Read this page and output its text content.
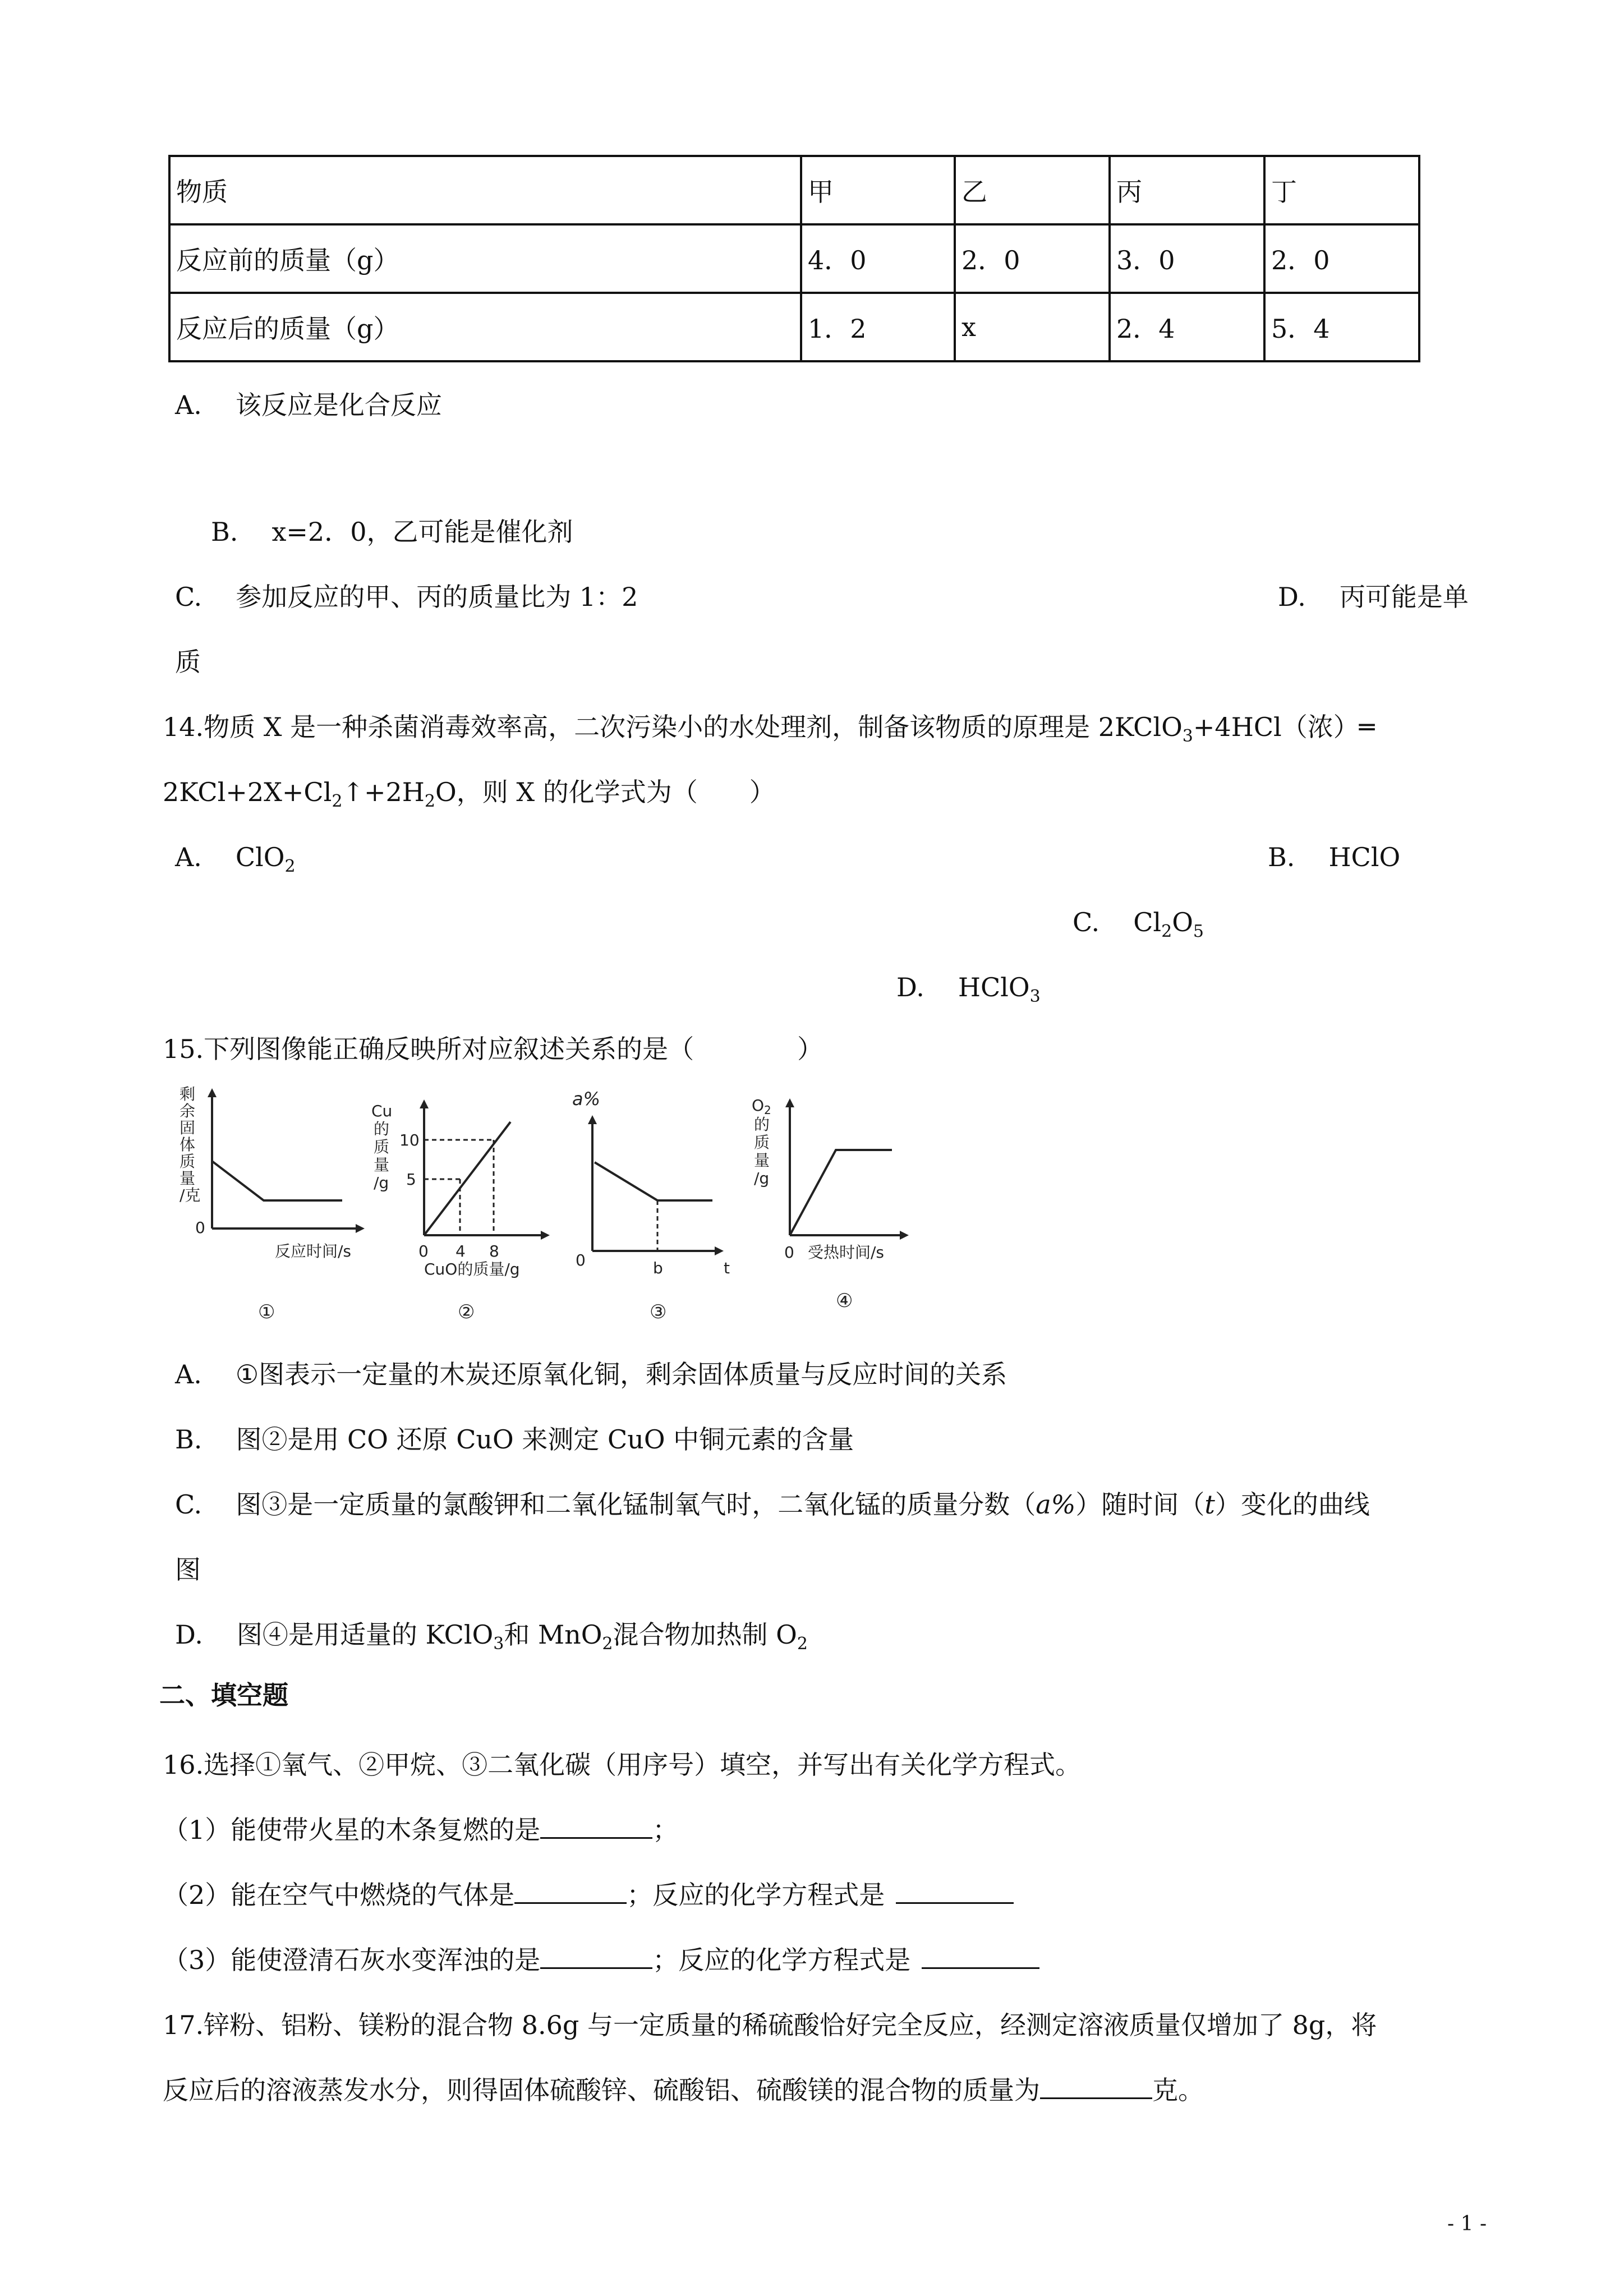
物质	甲	乙	丙	丁
反应前的质量（g）	4．0	2．0	3．0	2．0
反应后的质量（g）	1．2	x	2．4	5．4
A. 该反应是化合反应
B. x=2．0，乙可能是催化剂
C. 参加反应的甲、丙的质量比为 1：2	D. 丙可能是单
质
14.物质 X 是一种杀菌消毒效率高，二次污染小的水处理剂，制备该物质的原理是 2KClO$_3$+4HCl（浓）═
$2KCl+2X+Cl_2↑+2H_2O$，则 X 的化学式为（　　）
A. ClO$_2$	B. HClO
C. $Cl_2O_5$
D. HClO$_3$
15.下列图像能正确反映所对应叙述关系的是（　　　　）
剩
余
固
体
质
量
/克
0
反应时间/s
①
Cu
的
质
量
/g
10
5
0 4 8
CuO的质量/g
②
a%
0	b	t
③
$O_2$
的
质
量
/g
0 受热时间/s
④
A. ①图表示一定量的木炭还原氧化铜，剩余固体质量与反应时间的关系
B. 图②是用 CO 还原 CuO 来测定 CuO 中铜元素的含量
C. 图③是一定质量的氯酸钾和二氧化锰制氧气时，二氧化锰的质量分数（a%）随时间（t）变化的曲线
图
D. 图④是用适量的 KClO$_3$和 MnO$_2$混合物加热制 $O_2$
二、填空题
16.选择①氧气、②甲烷、③二氧化碳（用序号）填空，并写出有关化学方程式。
（1）能使带火星的木条复燃的是	；
（2）能在空气中燃烧的气体是	；反应的化学方程式是
（3）能使澄清石灰水变浑浊的是	；反应的化学方程式是
17.锌粉、铝粉、镁粉的混合物 8.6g 与一定质量的稀硫酸恰好完全反应，经测定溶液质量仅增加了 8g，将
反应后的溶液蒸发水分，则得固体硫酸锌、硫酸铝、硫酸镁的混合物的质量为	克。
- 1 -
